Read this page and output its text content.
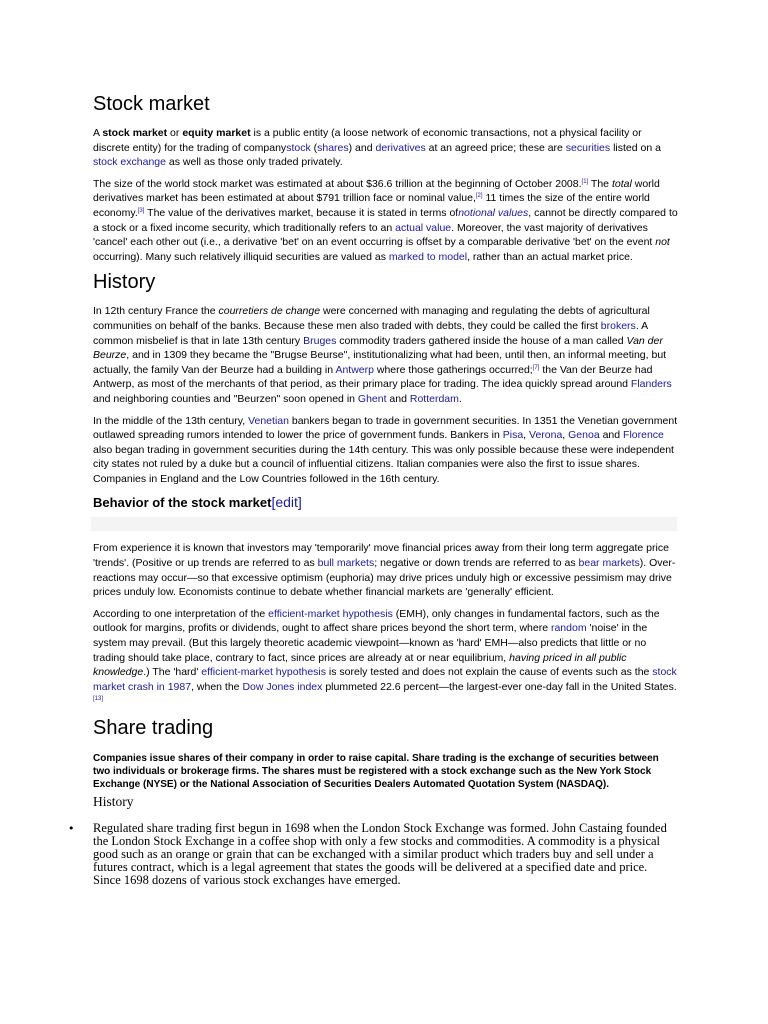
Stock market

A stock market or equity market is a public entity (a loose network of economic transactions, not a physical facility or discrete entity) for the trading of companystock (shares) and derivatives at an agreed price; these are securities listed on a stock exchange as well as those only traded privately.

The size of the world stock market was estimated at about $36.6 trillion at the beginning of October 2008.[1] The total world derivatives market has been estimated at about $791 trillion face or nominal value,[2] 11 times the size of the entire world economy.[3] The value of the derivatives market, because it is stated in terms ofnotional values, cannot be directly compared to a stock or a fixed income security, which traditionally refers to an actual value. Moreover, the vast majority of derivatives 'cancel' each other out (i.e., a derivative 'bet' on an event occurring is offset by a comparable derivative 'bet' on the event not occurring). Many such relatively illiquid securities are valued as marked to model, rather than an actual market price.

History

In 12th century France the courretiers de change were concerned with managing and regulating the debts of agricultural communities on behalf of the banks. Because these men also traded with debts, they could be called the first brokers. A common misbelief is that in late 13th century Bruges commodity traders gathered inside the house of a man called Van der Beurze, and in 1309 they became the "Brugse Beurse", institutionalizing what had been, until then, an informal meeting, but actually, the family Van der Beurze had a building in Antwerp where those gatherings occurred;[7] the Van der Beurze had Antwerp, as most of the merchants of that period, as their primary place for trading. The idea quickly spread around Flanders and neighboring counties and "Beurzen" soon opened in Ghent and Rotterdam.

In the middle of the 13th century, Venetian bankers began to trade in government securities. In 1351 the Venetian government outlawed spreading rumors intended to lower the price of government funds. Bankers in Pisa, Verona, Genoa and Florence also began trading in government securities during the 14th century. This was only possible because these were independent city states not ruled by a duke but a council of influential citizens. Italian companies were also the first to issue shares. Companies in England and the Low Countries followed in the 16th century.

Behavior of the stock market[edit]

From experience it is known that investors may 'temporarily' move financial prices away from their long term aggregate price 'trends'. (Positive or up trends are referred to as bull markets; negative or down trends are referred to as bear markets). Over-reactions may occur—so that excessive optimism (euphoria) may drive prices unduly high or excessive pessimism may drive prices unduly low. Economists continue to debate whether financial markets are 'generally' efficient.

According to one interpretation of the efficient-market hypothesis (EMH), only changes in fundamental factors, such as the outlook for margins, profits or dividends, ought to affect share prices beyond the short term, where random 'noise' in the system may prevail. (But this largely theoretic academic viewpoint—known as 'hard' EMH—also predicts that little or no trading should take place, contrary to fact, since prices are already at or near equilibrium, having priced in all public knowledge.) The 'hard' efficient-market hypothesis is sorely tested and does not explain the cause of events such as the stock market crash in 1987, when the Dow Jones index plummeted 22.6 percent—the largest-ever one-day fall in the United States.[13]

Share trading

Companies issue shares of their company in order to raise capital. Share trading is the exchange of securities between two individuals or brokerage firms. The shares must be registered with a stock exchange such as the New York Stock Exchange (NYSE) or the National Association of Securities Dealers Automated Quotation System (NASDAQ).

History
• Regulated share trading first begun in 1698 when the London Stock Exchange was formed. John Castaing founded the London Stock Exchange in a coffee shop with only a few stocks and commodities. A commodity is a physical good such as an orange or grain that can be exchanged with a similar product which traders buy and sell under a futures contract, which is a legal agreement that states the goods will be delivered at a specified date and price. Since 1698 dozens of various stock exchanges have emerged.
